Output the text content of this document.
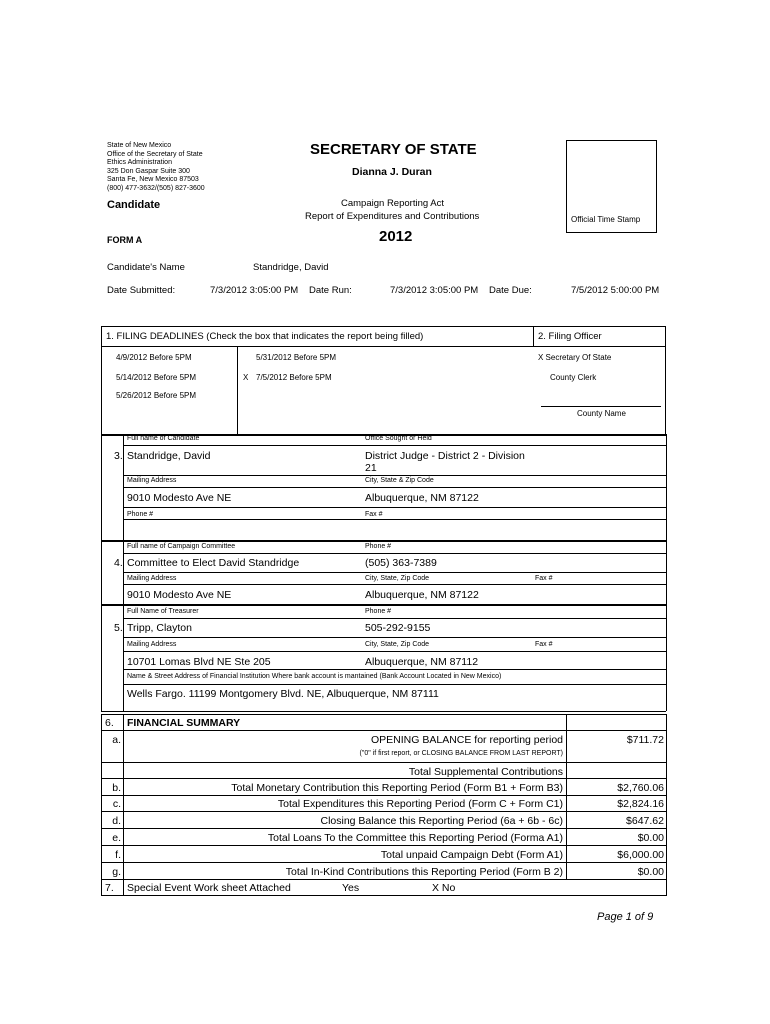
State of New Mexico
Office of the Secretary of State
Ethics Administration
325 Don Gaspar Suite 300
Santa Fe, New Mexico 87503
(800) 477-3632/(505) 827-3600
SECRETARY OF STATE
Dianna J. Duran
Candidate	Campaign Reporting Act
Report of Expenditures and Contributions
2012
FORM A
Official Time Stamp
Candidate's Name	Standridge, David
Date Submitted:	7/3/2012 3:05:00 PM Date Run:	7/3/2012 3:05:00 PM Date Due:	7/5/2012 5:00:00 PM
1. FILING DEADLINES (Check the box that indicates the report being filled)	2. Filing Officer
4/9/2012 Before 5PM	5/31/2012 Before 5PM
5/14/2012 Before 5PM	X 7/5/2012 Before 5PM
5/26/2012 Before 5PM
X Secretary Of State
County Clerk
County Name
3.
Full name of Candidate
Standridge, David
Office Sought or Held
District Judge - District 2 - Division
21
Mailing Address
9010 Modesto Ave NE
City, State & Zip Code
Albuquerque, NM 87122
Phone #	Fax #
4.
Full name of Campaign Committee
Committee to Elect David Standridge
Phone #
(505) 363-7389
Mailing Address
9010 Modesto Ave NE
City, State, Zip Code
Albuquerque, NM 87122
Fax #
5.
Full Name of Treasurer
Tripp, Clayton
Phone #
505-292-9155
Mailing Address
10701 Lomas Blvd NE Ste 205
City, State, Zip Code
Albuquerque, NM 87112
Fax #
Name & Street Address of Financial Institution Where bank account is mantained (Bank Account Located in New Mexico)
Wells Fargo. 11199 Montgomery Blvd. NE, Albuquerque, NM 87111
6. FINANCIAL SUMMARY
a.	OPENING BALANCE for reporting period	$711.72
("0" if first report, or CLOSING BALANCE FROM LAST REPORT)
Total Supplemental Contributions
b.	Total Monetary Contribution this Reporting Period (Form B1 + Form B3)	$2,760.06
c.	Total Expenditures this Reporting Period (Form C + Form C1)	$2,824.16
d.	Closing Balance this Reporting Period (6a + 6b - 6c)	$647.62
e.	Total Loans To the Committee this Reporting Period (Forma A1)	$0.00
f.	Total unpaid Campaign Debt (Form A1)	$6,000.00
g.	Total In-Kind Contributions this Reporting Period (Form B 2)	$0.00
7. Special Event Work sheet Attached	Yes	X No
Page 1 of 9
